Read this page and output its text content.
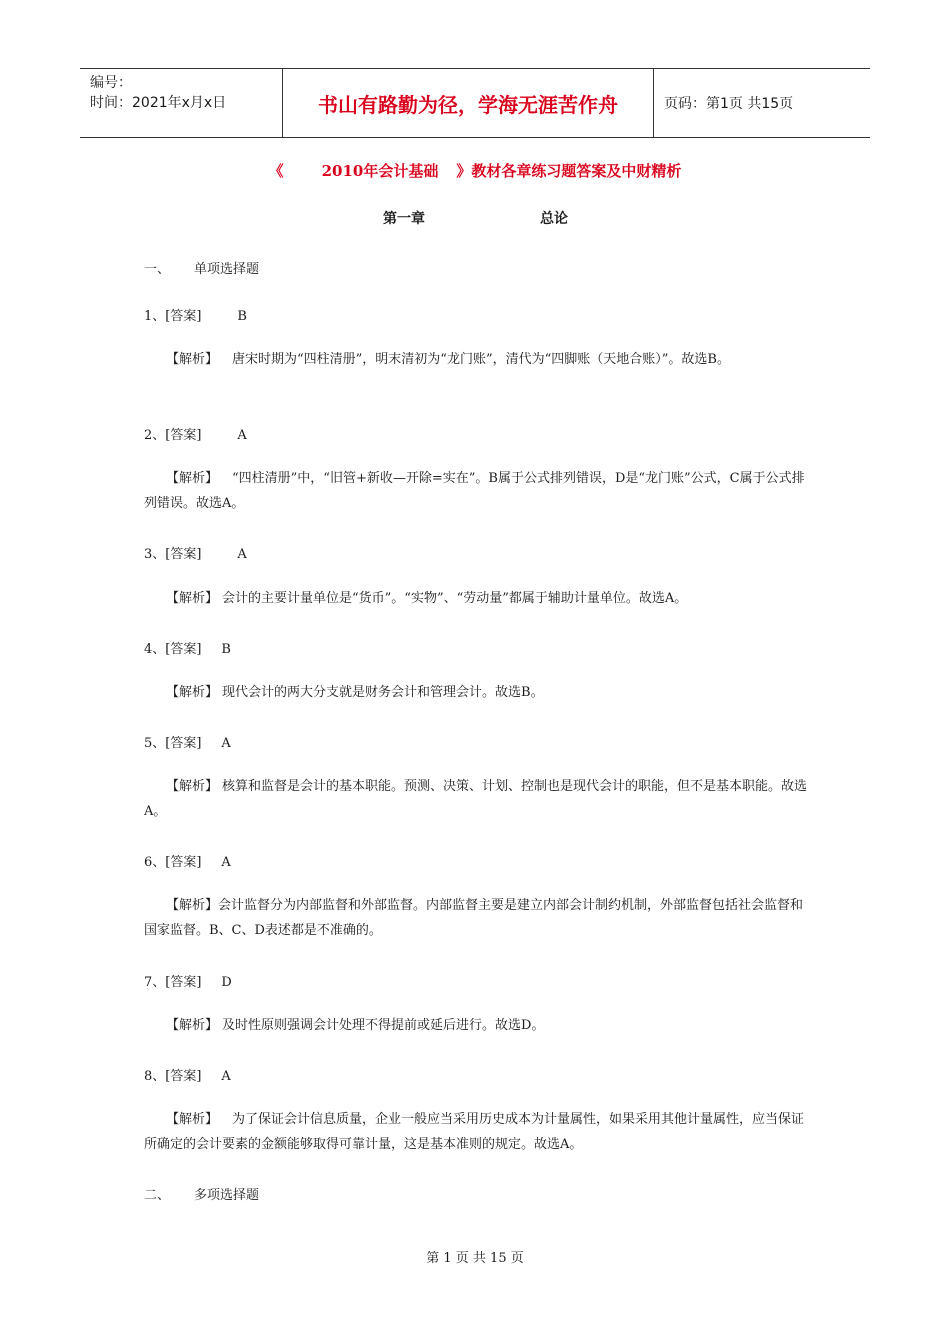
编号：
时间：2021年x月x日	书山有路勤为径，学海无涯苦作舟	页码：第1页 共15页
《	2010年会计基础 》教材各章练习题答案及中财精析
第一章	总论
一、 单项选择题
1、[答案]	B
【解析】 唐宋时期为“四柱清册”，明末清初为“龙门账”，清代为“四脚账（天地合账）”。故选B。
2、[答案]	A
【解析】 “四柱清册”中，“旧管+新收—开除=实在”。B属于公式排列错误，D是“龙门账”公式，C属于公式排列错误。故选A。
3、[答案]	A
【解析】 会计的主要计量单位是“货币”。“实物”、“劳动量”都属于辅助计量单位。故选A。
4、[答案] B
【解析】 现代会计的两大分支就是财务会计和管理会计。故选B。
5、[答案] A
【解析】 核算和监督是会计的基本职能。预测、决策、计划、控制也是现代会计的职能，但不是基本职能。故选A。
6、[答案] A
【解析】会计监督分为内部监督和外部监督。内部监督主要是建立内部会计制约机制，外部监督包括社会监督和国家监督。B、C、D表述都是不准确的。
7、[答案] D
【解析】 及时性原则强调会计处理不得提前或延后进行。故选D。
8、[答案] A
【解析】 为了保证会计信息质量，企业一般应当采用历史成本为计量属性，如果采用其他计量属性，应当保证所确定的会计要素的金额能够取得可靠计量，这是基本准则的规定。故选A。
二、 多项选择题
第 1 页 共 15 页
